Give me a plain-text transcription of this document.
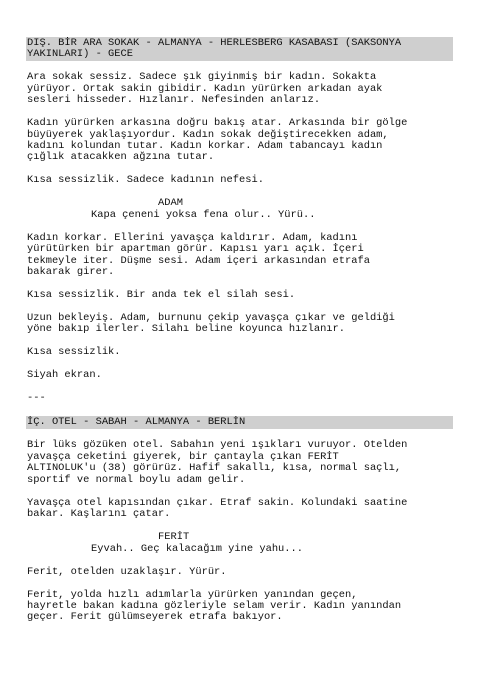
DIŞ. BİR ARA SOKAK - ALMANYA - HERLESBERG KASABASI (SAKSONYA
YAKINLARI) - GECE

Ara sokak sessiz. Sadece şık giyinmiş bir kadın. Sokakta
yürüyor. Ortak sakin gibidir. Kadın yürürken arkadan ayak
sesleri hisseder. Hızlanır. Nefesinden anlarız.

Kadın yürürken arkasına doğru bakış atar. Arkasında bir gölge
büyüyerek yaklaşıyordur. Kadın sokak değiştirecekken adam,
kadını kolundan tutar. Kadın korkar. Adam tabancayı kadın
çığlık atacakken ağzına tutar.

Kısa sessizlik. Sadece kadının nefesi.

ADAM

Kapa çeneni yoksa fena olur.. Yürü..

Kadın korkar. Ellerini yavaşça kaldırır. Adam, kadını
yürütürken bir apartman görür. Kapısı yarı açık. İçeri
tekmeyle iter. Düşme sesi. Adam içeri arkasından etrafa
bakarak girer.

Kısa sessizlik. Bir anda tek el silah sesi.

Uzun bekleyiş. Adam, burnunu çekip yavaşça çıkar ve geldiği
yöne bakıp ilerler. Silahı beline koyunca hızlanır.

Kısa sessizlik.

Siyah ekran.

---

İÇ. OTEL - SABAH - ALMANYA - BERLİN

Bir lüks gözüken otel. Sabahın yeni ışıkları vuruyor. Otelden
yavaşça ceketini giyerek, bir çantayla çıkan FERİT
ALTINOLUK'u (38) görürüz. Hafif sakallı, kısa, normal saçlı,
sportif ve normal boylu adam gelir.

Yavaşça otel kapısından çıkar. Etraf sakin. Kolundaki saatine
bakar. Kaşlarını çatar.

FERİT

Eyvah.. Geç kalacağım yine yahu...

Ferit, otelden uzaklaşır. Yürür.

Ferit, yolda hızlı adımlarla yürürken yanından geçen,
hayretle bakan kadına gözleriyle selam verir. Kadın yanından
geçer. Ferit gülümseyerek etrafa bakıyor.
